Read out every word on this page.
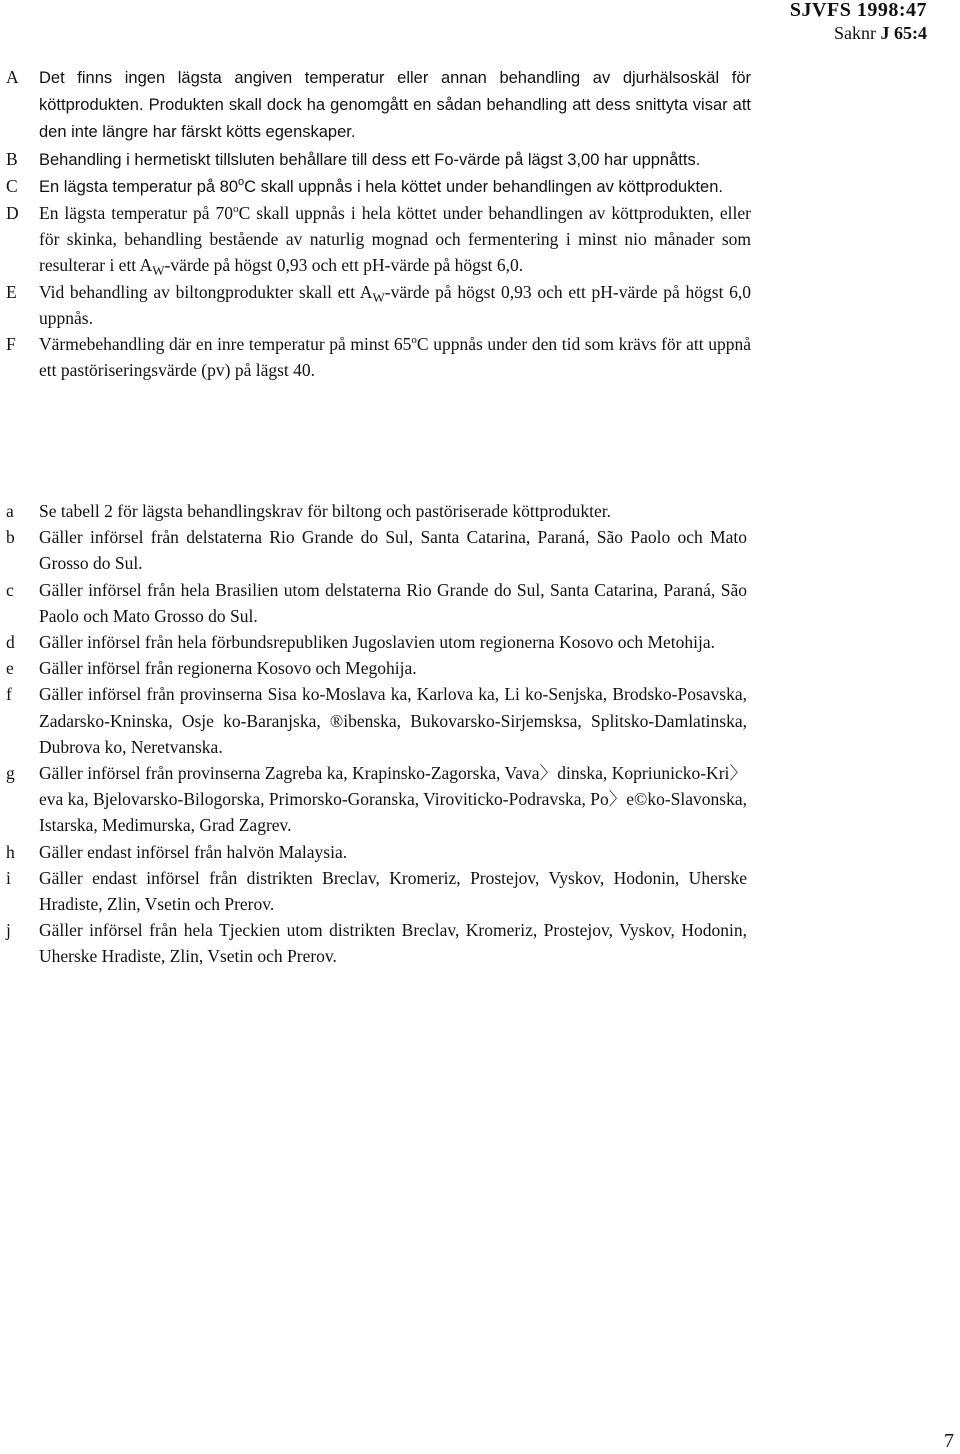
SJVFS 1998:47
Saknr J 65:4
A Det finns ingen lägsta angiven temperatur eller annan behandling av djurhälsoskäl för köttprodukten. Produkten skall dock ha genomgått en sådan behandling att dess snittyta visar att den inte längre har färskt kötts egenskaper.
B Behandling i hermetiskt tillsluten behållare till dess ett Fo-värde på lägst 3,00 har uppnåtts.
C En lägsta temperatur på 80$^o$C skall uppnås i hela köttet under behandlingen av köttprodukten.
D En lägsta temperatur på 70$^o$C skall uppnås i hela köttet under behandlingen av köttprodukten, eller för skinka, behandling bestående av naturlig mognad och fermentering i minst nio månader som resulterar i ett $A_W$-värde på högst 0,93 och ett pH-värde på högst 6,0.
E Vid behandling av biltongprodukter skall ett $A_W$-värde på högst 0,93 och ett pH-värde på högst 6,0 uppnås.
F Värmebehandling där en inre temperatur på minst 65$^o$C uppnås under den tid som krävs för att uppnå ett pastöriseringsvärde (pv) på lägst 40.
a Se tabell 2 för lägsta behandlingskrav för biltong och pastöriserade köttprodukter.
b Gäller införsel från delstaterna Rio Grande do Sul, Santa Catarina, Paraná, São Paolo och Mato Grosso do Sul.
c Gäller införsel från hela Brasilien utom delstaterna Rio Grande do Sul, Santa Catarina, Paraná, São Paolo och Mato Grosso do Sul.
d Gäller införsel från hela förbundsrepubliken Jugoslavien utom regionerna Kosovo och Metohija.
e Gäller införsel från regionerna Kosovo och Megohija.
f Gäller införsel från provinserna Sisa ko-Moslava ka, Karlova ka, Li ko-Senjska, Brodsko-Posavska, Zadarsko-Kninska, Osje ko-Baranjska, ®ibenska, Bukovarsko-Sirjemsksa, Splitsko-Damlatinska, Dubrova ko, Neretvanska.
g Gäller införsel från provinserna Zagreba ka, Krapinsko-Zagorska, Vava〉dinska, Kopriunicko-Kri〉eva ka, Bjelovarsko-Bilogorska, Primorsko-Goranska, Viroviticko-Podravska, Po〉e©ko-Slavonska, Istarska, Medimurska, Grad Zagrev.
h Gäller endast införsel från halvön Malaysia.
i Gäller endast införsel från distrikten Breclav, Kromeriz, Prostejov, Vyskov, Hodonin, Uherske Hradiste, Zlin, Vsetin och Prerov.
j Gäller införsel från hela Tjeckien utom distrikten Breclav, Kromeriz, Prostejov, Vyskov, Hodonin, Uherske Hradiste, Zlin, Vsetin och Prerov.
7
